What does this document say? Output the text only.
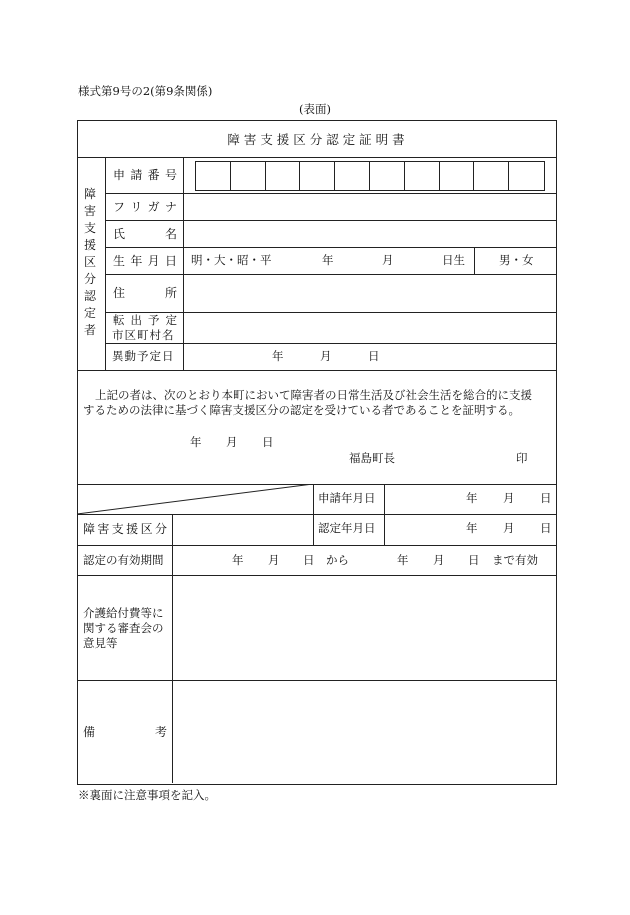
様式第9号の2(第9条関係)
(表面)
障 害 支 援 区 分 認 定 証 明 書
障
害
支
援
区
分
認
定
者
申 請 番 号
フ リ ガ ナ
氏	名
生 年 月 日 明・大・昭・平	年	月	日生	男・女
住	所
転 出 予 定
市区町村名
異動予定日	年	月	日
上記の者は、次のとおり本町において障害者の日常生活及び社会生活を総合的に支援
するための法律に基づく障害支援区分の認定を受けている者であることを証明する。
年 月 日
福島町長	印
申請年月日	年 月 日
障 害 支 援 区 分	認定年月日	年 月 日
認定の有効期間	年 月 日 から	年 月 日 まで有効
介護給付費等に
関する審査会の
意見等
備	考
※裏面に注意事項を記入。
